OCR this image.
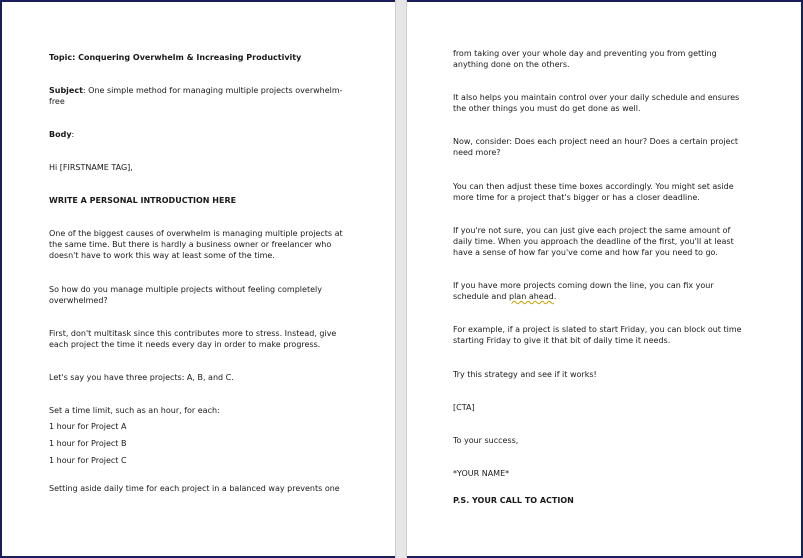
Topic: Conquering Overwhelm & Increasing Productivity

Subject: One simple method for managing multiple projects overwhelm-

free

Body:

Hi [FIRSTNAME TAG],

WRITE A PERSONAL INTRODUCTION HERE

One of the biggest causes of overwhelm is managing multiple projects at

the same time. But there is hardly a business owner or freelancer who

doesn't have to work this way at least some of the time.

So how do you manage multiple projects without feeling completely

overwhelmed?

First, don't multitask since this contributes more to stress. Instead, give

each project the time it needs every day in order to make progress.

Let's say you have three projects: A, B, and C.

Set a time limit, such as an hour, for each:

1 hour for Project A

1 hour for Project B

1 hour for Project C

Setting aside daily time for each project in a balanced way prevents one

from taking over your whole day and preventing you from getting

anything done on the others.

It also helps you maintain control over your daily schedule and ensures

the other things you must do get done as well.

Now, consider: Does each project need an hour? Does a certain project

need more?

You can then adjust these time boxes accordingly. You might set aside

more time for a project that's bigger or has a closer deadline.

If you're not sure, you can just give each project the same amount of

daily time. When you approach the deadline of the first, you'll at least

have a sense of how far you've come and how far you need to go.

If you have more projects coming down the line, you can fix your

schedule and plan ahead.

For example, if a project is slated to start Friday, you can block out time

starting Friday to give it that bit of daily time it needs.

Try this strategy and see if it works!

[CTA]

To your success,

*YOUR NAME*

P.S. YOUR CALL TO ACTION
